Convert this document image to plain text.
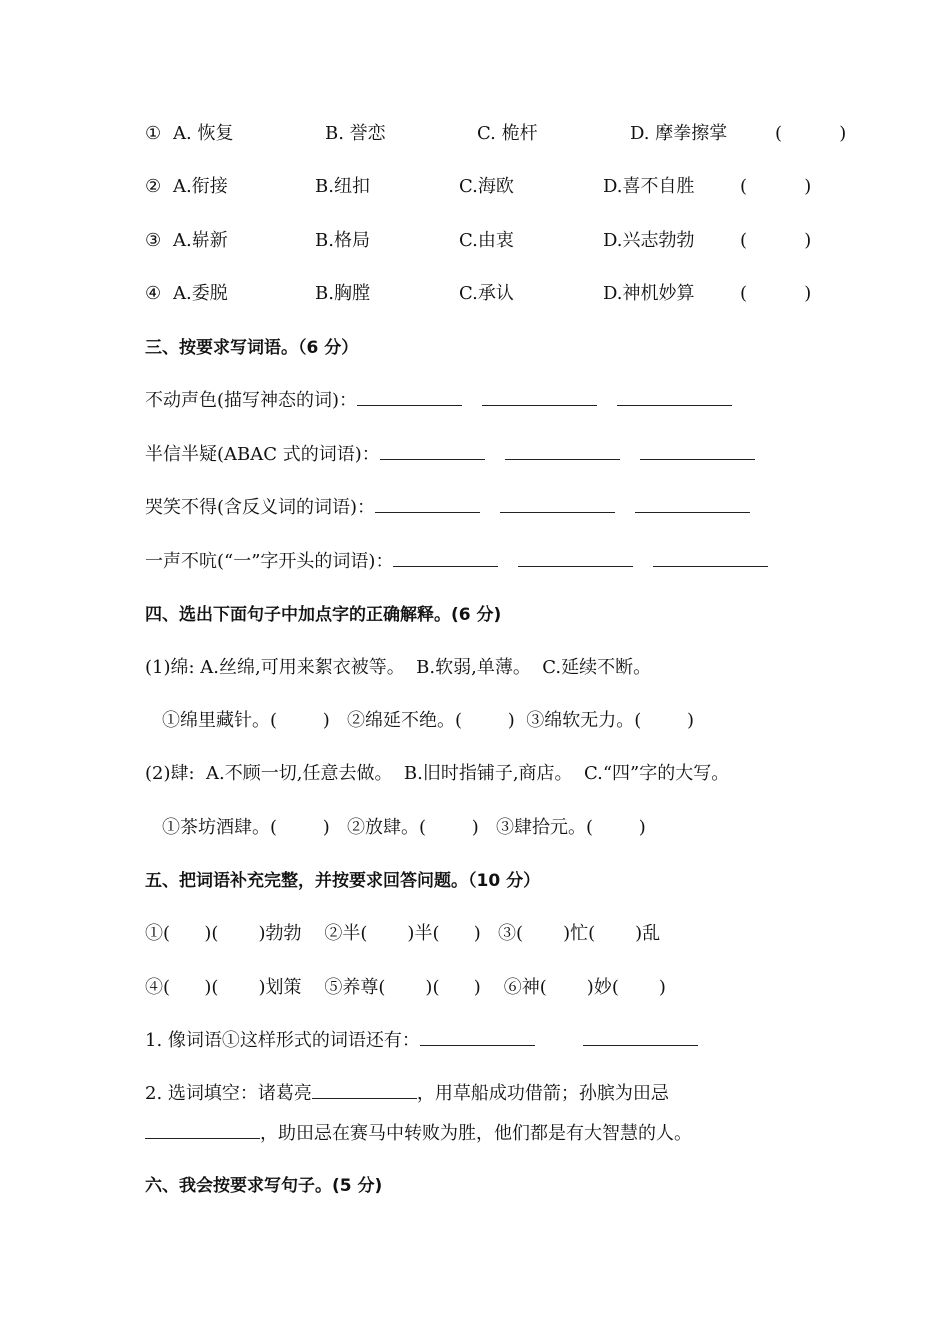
① A. 恢复	B. 誉恋	C. 桅杆	D. 摩拳擦掌	(          )
② A.衔接	B.纽扣	C.海欧	D.喜不自胜	(          )
③ A.崭新	B.格局	C.由衷	D.兴志勃勃	(          )
④ A.委脱	B.胸膛	C.承认	D.神机妙算	(          )
三、按要求写词语。（6 分）
不动声色(描写神态的词)：
半信半疑(ABAC 式的词语)：
哭笑不得(含反义词的词语)：
一声不吭(“一”字开头的词语)：
四、选出下面句子中加点字的正确解释。(6 分)
(1)绵: A.丝绵,可用来絮衣被等。  B.软弱,单薄。  C.延续不断。
①绵里藏针。(        )   ②绵延不绝。(        )  ③绵软无力。(        )
(2)肆:  A.不顾一切,任意去做。  B.旧时指铺子,商店。  C.“四”字的大写。
①茶坊酒肆。(        )   ②放肆。(        )   ③肆拾元。(        )
五、把词语补充完整，并按要求回答问题。（10 分）
①(      )(       )勃勃    ②半(       )半(      )   ③(       )忙(       )乱
④(      )(       )划策    ⑤养尊(       )(      )    ⑥神(       )妙(       )
1. 像词语①这样形式的词语还有：
2. 选词填空：诸葛亮	，用草船成功借箭；孙膑为田忌
，助田忌在赛马中转败为胜，他们都是有大智慧的人。
六、我会按要求写句子。(5 分)
